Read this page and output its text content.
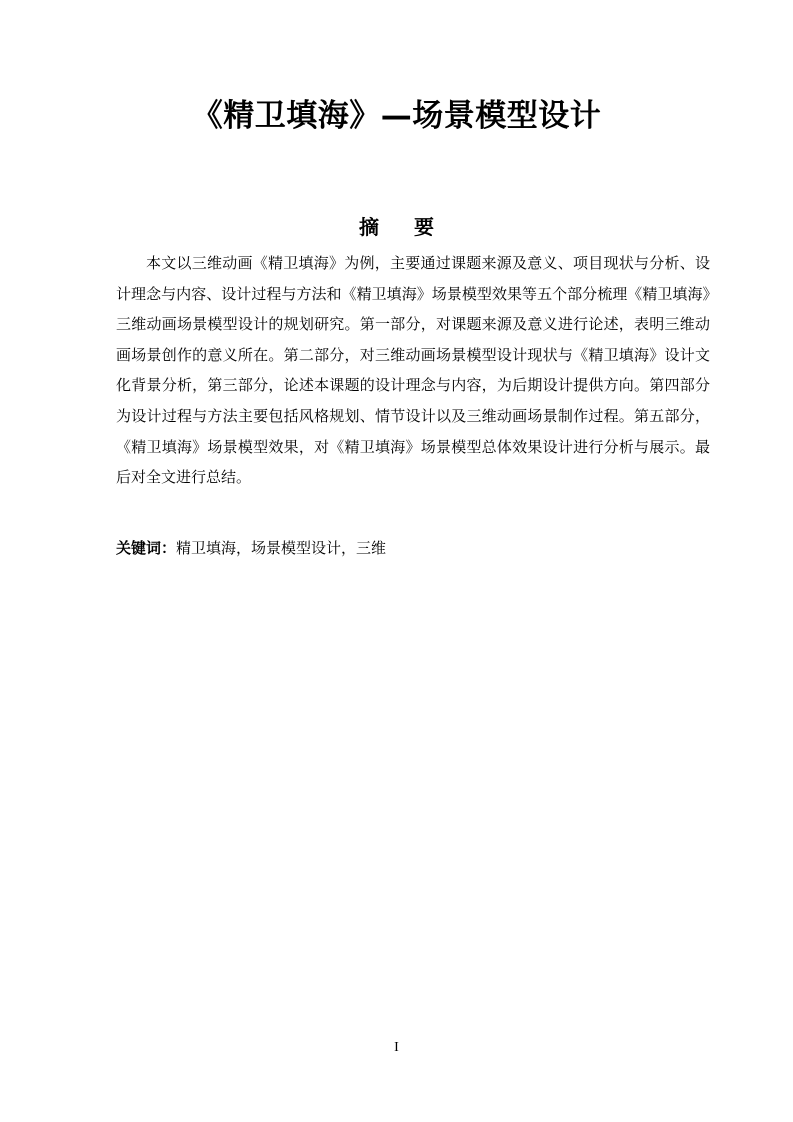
《精卫填海》—场景模型设计
摘 要

本文以三维动画《精卫填海》为例，主要通过课题来源及意义、项目现状与分析、设计理念与内容、设计过程与方法和《精卫填海》场景模型效果等五个部分梳理《精卫填海》三维动画场景模型设计的规划研究。第一部分，对课题来源及意义进行论述，表明三维动画场景创作的意义所在。第二部分，对三维动画场景模型设计现状与《精卫填海》设计文化背景分析，第三部分，论述本课题的设计理念与内容，为后期设计提供方向。第四部分为设计过程与方法主要包括风格规划、情节设计以及三维动画场景制作过程。第五部分，《精卫填海》场景模型效果，对《精卫填海》场景模型总体效果设计进行分析与展示。最后对全文进行总结。

关键词：精卫填海，场景模型设计，三维

I
